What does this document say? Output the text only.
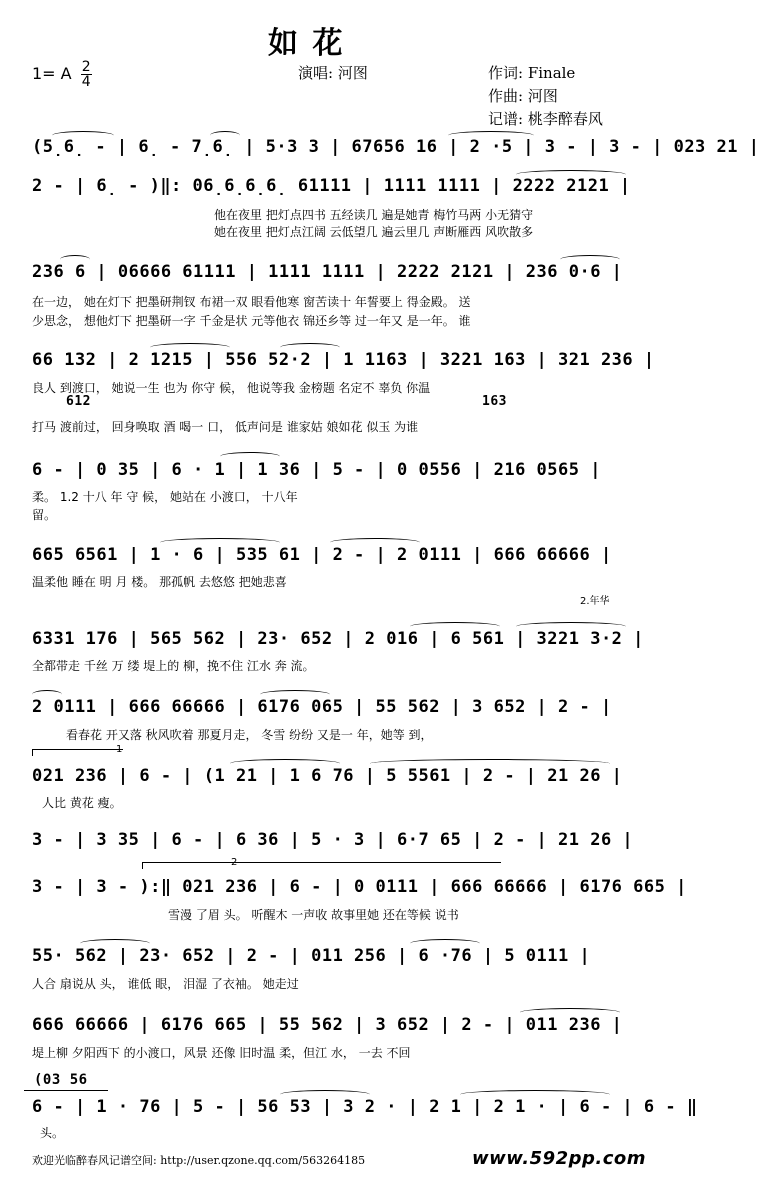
如 花
1= A $\frac{2}{4}$	演唱: 河图	作词: Finale
作曲: 河图
记谱: 桃李醉春风
(5̣6̣ - | 6̣ - 7̣6̣ | 5·3 3 | 67656 16 | 2 ·5 | 3 - | 3 - | 023 21 |
2 - | 6̣ - )‖: 06̣6̣6̣6̣ 61111 | 1111 1111 | 2222 2121 |
他在夜里 把灯点四书 五经读几 遍是她青 梅竹马两 小无猜守
她在夜里 把灯点江阔 云低望几 遍云里几 声断雁西 风吹散多
236 6 | 06666 61111 | 1111 1111 | 2222 2121 | 236 0·6 |
在一边， 她在灯下 把墨研荆钗 布裙一双 眼看他寒 窗苦读十 年誓要上 得金殿。 送
少思念， 想他灯下 把墨研一字 千金是状 元等他衣 锦还乡等 过一年又 是一年。 谁
66 132 | 2 1215 | 556 52·2 | 1 1163 | 3221 163 | 321 236 |
良人 到渡口， 她说一生 也为 你守 候， 他说等我 金榜题 名定不 辜负 你温
612	163
打马 渡前过， 回身唤取 酒 喝一 口， 低声问是 谁家姑 娘如花 似玉 为谁
6 - | 0 35 | 6 · 1 | 1 36 | 5 - | 0 0556 | 216 0565 |
柔。 1.2 十八 年 守 候， 她站在 小渡口， 十八年
留。
665 6561 | 1 · 6 | 535 61 | 2 - | 2 0111 | 666 66666 |
温柔他 睡在 明 月 楼。 那孤帆 去悠悠 把她悲喜
2.年华
6331 176 | 565 562 | 23· 652 | 2 016 | 6 561 | 3221 3·2 |
全都带走 千丝 万 缕 堤上的 柳，挽不住 江水 奔 流。
2 0111 | 666 66666 | 6176 065 | 55 562 | 3 652 | 2 - |
看春花 开又落 秋风吹着 那夏月走， 冬雪 纷纷 又是一 年，她等 到，
1
021 236 | 6 - | (1 21 | 1 6 76 | 5 5561 | 2 - | 21 26 |
人比 黄花 瘦。
3 - | 3 35 | 6 - | 6 36 | 5 · 3 | 6·7 65 | 2 - | 21 26 |
2
3 - | 3 - ):‖ 021 236 | 6 - | 0 0111 | 666 66666 | 6176 665 |
雪漫 了眉 头。 听醒木 一声收 故事里她 还在等候 说书
55· 562 | 23· 652 | 2 - | 011 256 | 6 ·76 | 5 0111 |
人合 扇说从 头， 谁低 眼， 泪湿 了衣袖。 她走过
666 66666 | 6176 665 | 55 562 | 3 652 | 2 - | 011 236 |
堤上柳 夕阳西下 的小渡口，风景 还像 旧时温 柔，但江 水， 一去 不回
(03 56
6 - | 1 · 76 | 5 - | 56 53 | 3 2 · | 2 1 | 2 1 · | 6 - | 6 - ‖
头。
欢迎光临醉春风记谱空间: http://user.qzone.qq.com/563264185	www.592pp.com
